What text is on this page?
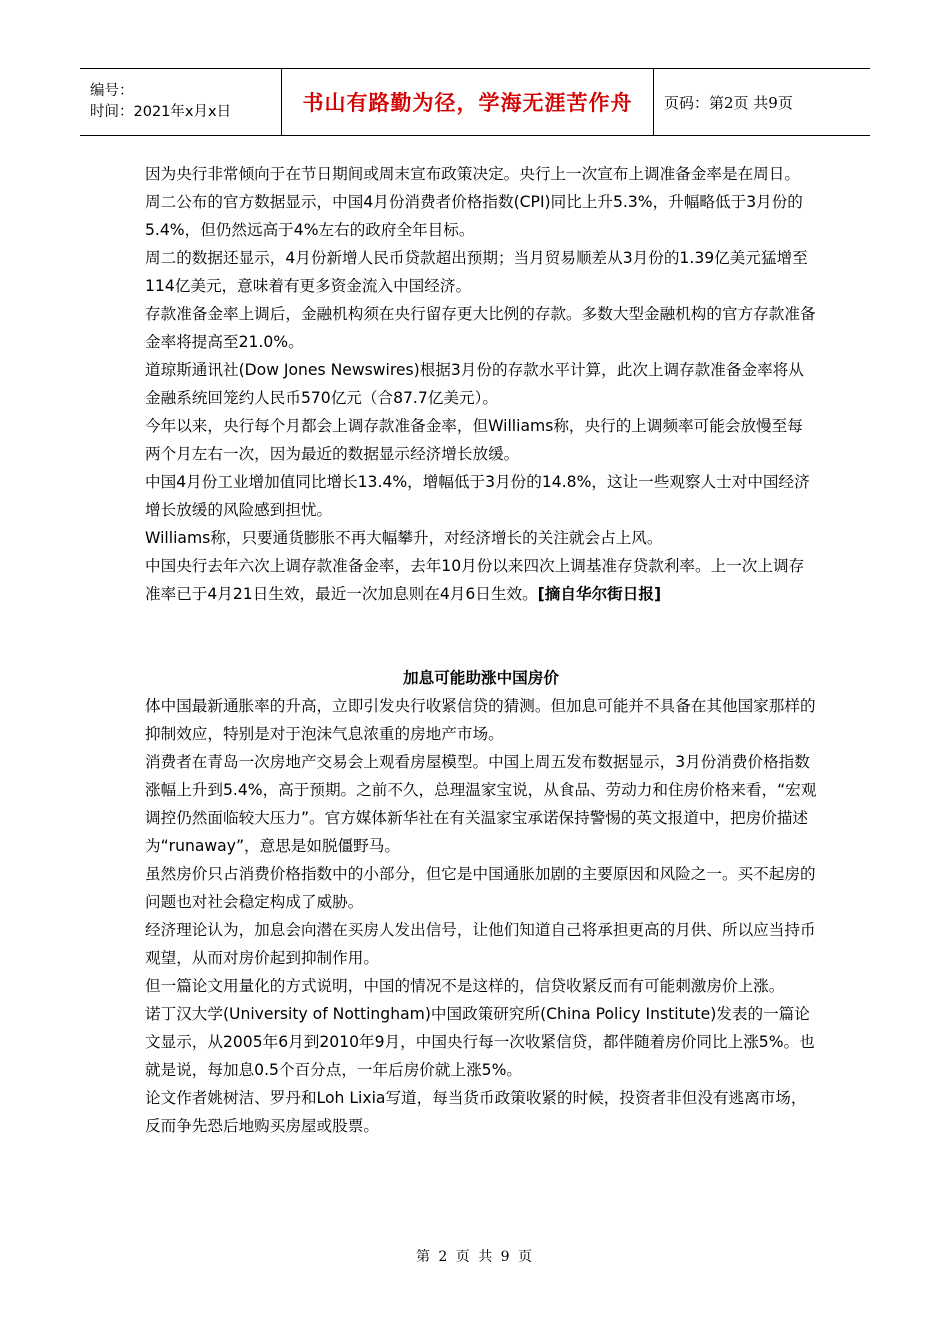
编号：
时间：2021年x月x日	书山有路勤为径，学海无涯苦作舟	页码：第2页 共9页

因为央行非常倾向于在节日期间或周末宣布政策决定。央行上一次宣布上调准备金率是在周日。

周二公布的官方数据显示，中国4月份消费者价格指数(CPI)同比上升5.3%，升幅略低于3月份的5.4%，但仍然远高于4%左右的政府全年目标。

周二的数据还显示，4月份新增人民币贷款超出预期；当月贸易顺差从3月份的1.39亿美元猛增至114亿美元，意味着有更多资金流入中国经济。

存款准备金率上调后，金融机构须在央行留存更大比例的存款。多数大型金融机构的官方存款准备金率将提高至21.0%。

道琼斯通讯社(Dow Jones Newswires)根据3月份的存款水平计算，此次上调存款准备金率将从金融系统回笼约人民币570亿元（合87.7亿美元）。

今年以来，央行每个月都会上调存款准备金率，但Williams称，央行的上调频率可能会放慢至每两个月左右一次，因为最近的数据显示经济增长放缓。

中国4月份工业增加值同比增长13.4%，增幅低于3月份的14.8%，这让一些观察人士对中国经济增长放缓的风险感到担忧。

Williams称，只要通货膨胀不再大幅攀升，对经济增长的关注就会占上风。

中国央行去年六次上调存款准备金率，去年10月份以来四次上调基准存贷款利率。上一次上调存准率已于4月21日生效，最近一次加息则在4月6日生效。[摘自华尔街日报]

加息可能助涨中国房价

体中国最新通胀率的升高，立即引发央行收紧信贷的猜测。但加息可能并不具备在其他国家那样的抑制效应，特别是对于泡沫气息浓重的房地产市场。

消费者在青岛一次房地产交易会上观看房屋模型。中国上周五发布数据显示，3月份消费价格指数涨幅上升到5.4%，高于预期。之前不久，总理温家宝说，从食品、劳动力和住房价格来看，“宏观调控仍然面临较大压力”。官方媒体新华社在有关温家宝承诺保持警惕的英文报道中，把房价描述为“runaway”，意思是如脱僵野马。

虽然房价只占消费价格指数中的小部分，但它是中国通胀加剧的主要原因和风险之一。买不起房的问题也对社会稳定构成了威胁。

经济理论认为，加息会向潜在买房人发出信号，让他们知道自己将承担更高的月供、所以应当持币观望，从而对房价起到抑制作用。

但一篇论文用量化的方式说明，中国的情况不是这样的，信贷收紧反而有可能刺激房价上涨。

诺丁汉大学(University of Nottingham)中国政策研究所(China Policy Institute)发表的一篇论文显示，从2005年6月到2010年9月，中国央行每一次收紧信贷，都伴随着房价同比上涨5%。也就是说，每加息0.5个百分点，一年后房价就上涨5%。

论文作者姚树洁、罗丹和Loh Lixia写道，每当货币政策收紧的时候，投资者非但没有逃离市场，反而争先恐后地购买房屋或股票。

第 2 页 共 9 页
